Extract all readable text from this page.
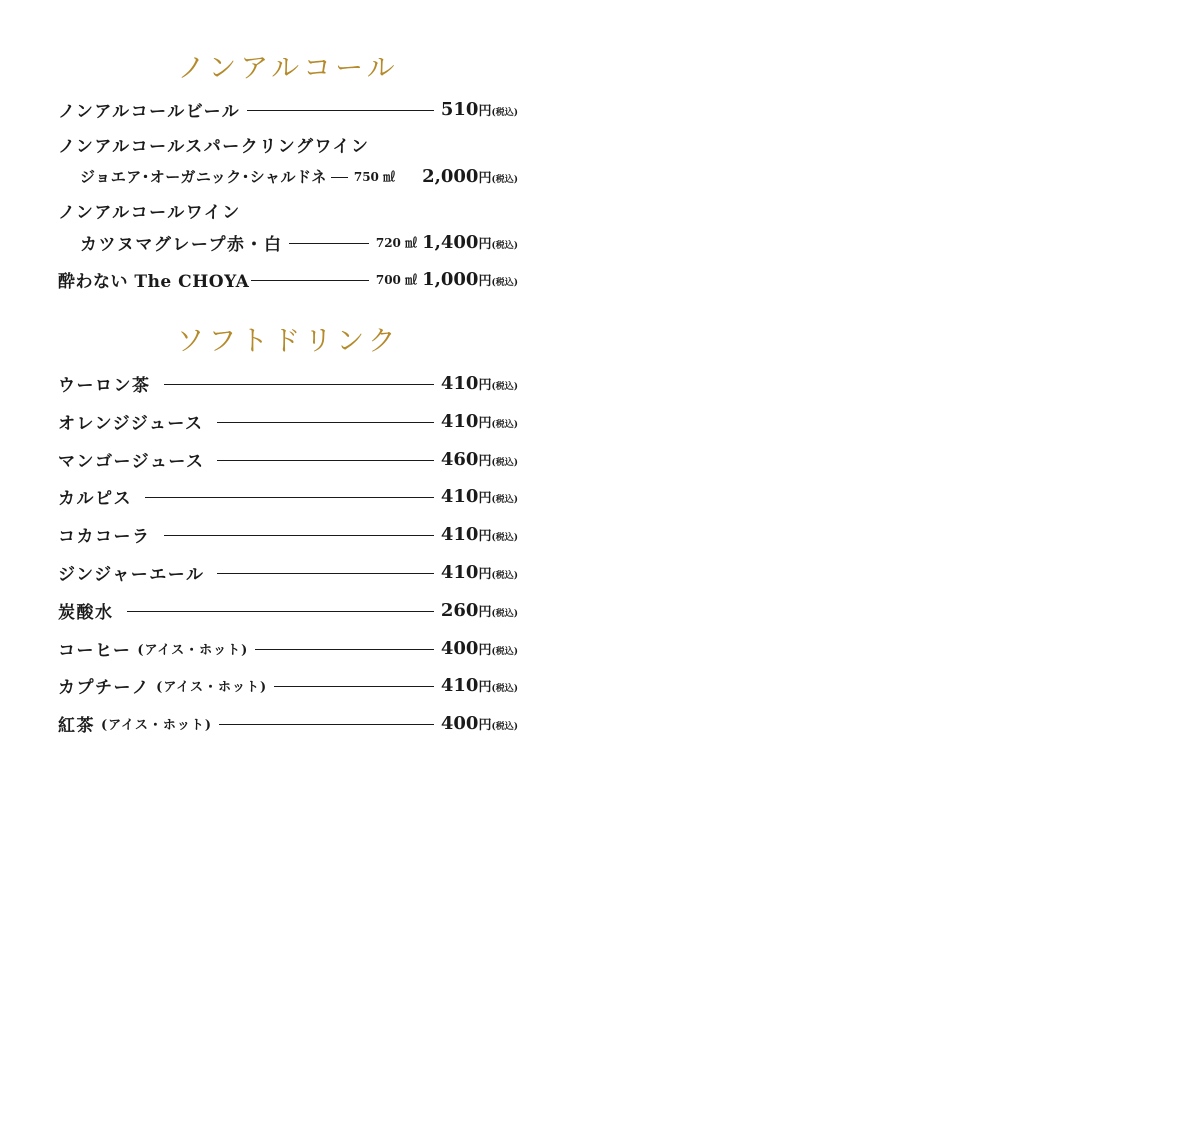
ノンアルコール
ノンアルコールビール	510 円 (税込)
ノンアルコールスパークリングワイン
ジョエア･オーガニック･シャルドネ 750 ㎖ 2,000 円 (税込)
ノンアルコールワイン
カツヌマグレープ赤・白	720 ㎖ 1,400 円 (税込)
酔わない The CHOYA	700 ㎖ 1,000 円 (税込)
ソフトドリンク
ウーロン茶	410 円 (税込)
オレンジジュース	410 円 (税込)
マンゴージュース	460 円 (税込)
カルピス	410 円 (税込)
コカコーラ	410 円 (税込)
ジンジャーエール	410 円 (税込)
炭酸水	260 円 (税込)
コーヒー (アイス・ホット)	400 円 (税込)
カプチーノ (アイス・ホット)	410 円 (税込)
紅茶 (アイス・ホット)	400 円 (税込)
